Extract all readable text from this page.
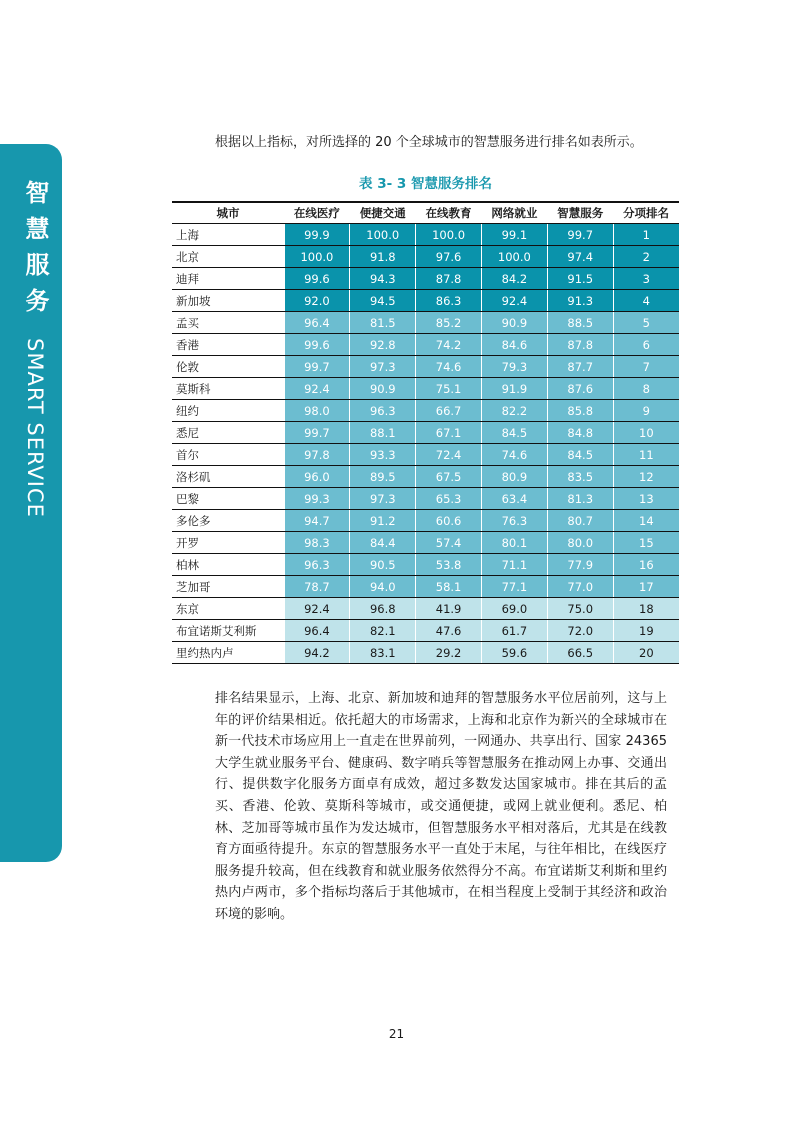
智慧服务SMART SERVICE
根据以上指标，对所选择的 20 个全球城市的智慧服务进行排名如表所示。
表 3- 3 智慧服务排名
城市	在线医疗	便捷交通	在线教育	网络就业	智慧服务	分项排名
上海	99.9	100.0	100.0	99.1	99.7	1
北京	100.0	91.8	97.6	100.0	97.4	2
迪拜	99.6	94.3	87.8	84.2	91.5	3
新加坡	92.0	94.5	86.3	92.4	91.3	4
孟买	96.4	81.5	85.2	90.9	88.5	5
香港	99.6	92.8	74.2	84.6	87.8	6
伦敦	99.7	97.3	74.6	79.3	87.7	7
莫斯科	92.4	90.9	75.1	91.9	87.6	8
纽约	98.0	96.3	66.7	82.2	85.8	9
悉尼	99.7	88.1	67.1	84.5	84.8	10
首尔	97.8	93.3	72.4	74.6	84.5	11
洛杉矶	96.0	89.5	67.5	80.9	83.5	12
巴黎	99.3	97.3	65.3	63.4	81.3	13
多伦多	94.7	91.2	60.6	76.3	80.7	14
开罗	98.3	84.4	57.4	80.1	80.0	15
柏林	96.3	90.5	53.8	71.1	77.9	16
芝加哥	78.7	94.0	58.1	77.1	77.0	17
东京	92.4	96.8	41.9	69.0	75.0	18
布宜诺斯艾利斯	96.4	82.1	47.6	61.7	72.0	19
里约热内卢	94.2	83.1	29.2	59.6	66.5	20
排名结果显示，上海、北京、新加坡和迪拜的智慧服务水平位居前列，这与上年的评价结果相近。依托超大的市场需求，上海和北京作为新兴的全球城市在新一代技术市场应用上一直走在世界前列，一网通办、共享出行、国家 24365 大学生就业服务平台、健康码、数字哨兵等智慧服务在推动网上办事、交通出行、提供数字化服务方面卓有成效，超过多数发达国家城市。排在其后的孟买、香港、伦敦、莫斯科等城市，或交通便捷，或网上就业便利。悉尼、柏林、芝加哥等城市虽作为发达城市，但智慧服务水平相对落后，尤其是在线教育方面亟待提升。东京的智慧服务水平一直处于末尾，与往年相比，在线医疗服务提升较高，但在线教育和就业服务依然得分不高。布宜诺斯艾利斯和里约热内卢两市，多个指标均落后于其他城市，在相当程度上受制于其经济和政治环境的影响。
21
